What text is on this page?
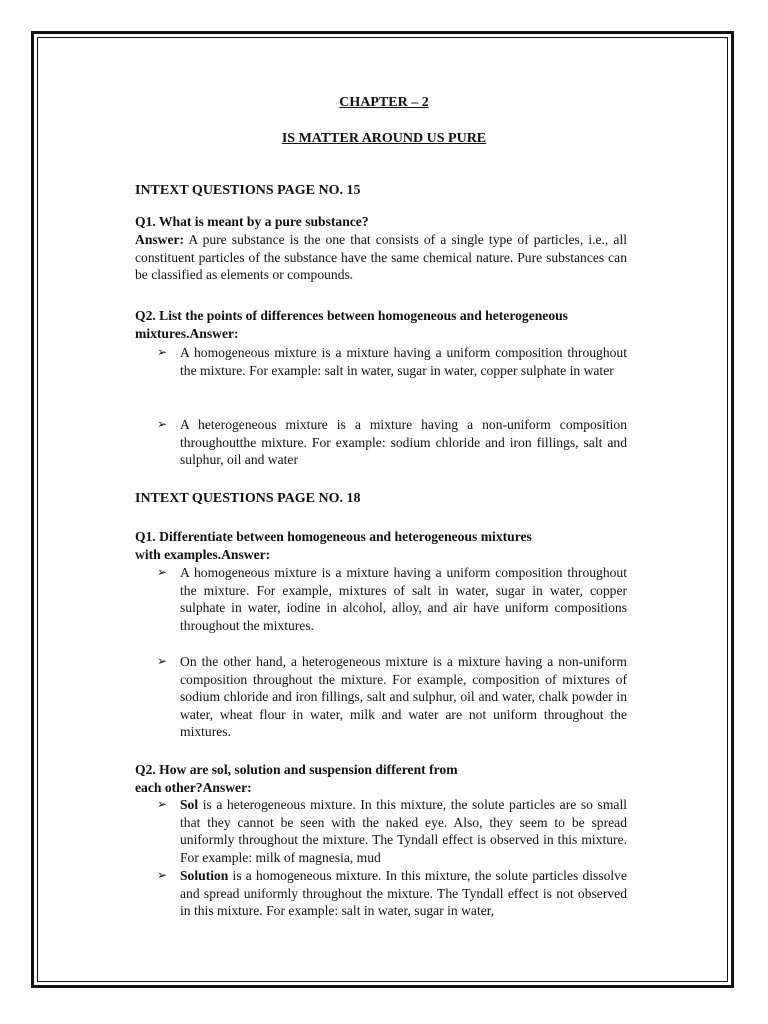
CHAPTER – 2
IS MATTER AROUND US PURE
INTEXT QUESTIONS PAGE NO. 15
Q1. What is meant by a pure substance?
Answer: A pure substance is the one that consists of a single type of particles, i.e., all constituent particles of the substance have the same chemical nature. Pure substances can be classified as elements or compounds.
Q2. List the points of differences between homogeneous and heterogeneous
mixtures.Answer:
➢ A homogeneous mixture is a mixture having a uniform composition throughout the mixture. For example: salt in water, sugar in water, copper sulphate in water
➢ A heterogeneous mixture is a mixture having a non-uniform composition throughoutthe mixture. For example: sodium chloride and iron fillings, salt and sulphur, oil and water
INTEXT QUESTIONS PAGE NO. 18
Q1. Differentiate between homogeneous and heterogeneous mixtures
with examples.Answer:
➢ A homogeneous mixture is a mixture having a uniform composition throughout the mixture. For example, mixtures of salt in water, sugar in water, copper sulphate in water, iodine in alcohol, alloy, and air have uniform compositions throughout the mixtures.
➢ On the other hand, a heterogeneous mixture is a mixture having a non-uniform composition throughout the mixture. For example, composition of mixtures of sodium chloride and iron fillings, salt and sulphur, oil and water, chalk powder in water, wheat flour in water, milk and water are not uniform throughout the mixtures.
Q2. How are sol, solution and suspension different from
each other?Answer:
➢ Sol is a heterogeneous mixture. In this mixture, the solute particles are so small that they cannot be seen with the naked eye. Also, they seem to be spread uniformly throughout the mixture. The Tyndall effect is observed in this mixture. For example: milk of magnesia, mud
➢ Solution is a homogeneous mixture. In this mixture, the solute particles dissolve and spread uniformly throughout the mixture. The Tyndall effect is not observed in this mixture. For example: salt in water, sugar in water,
